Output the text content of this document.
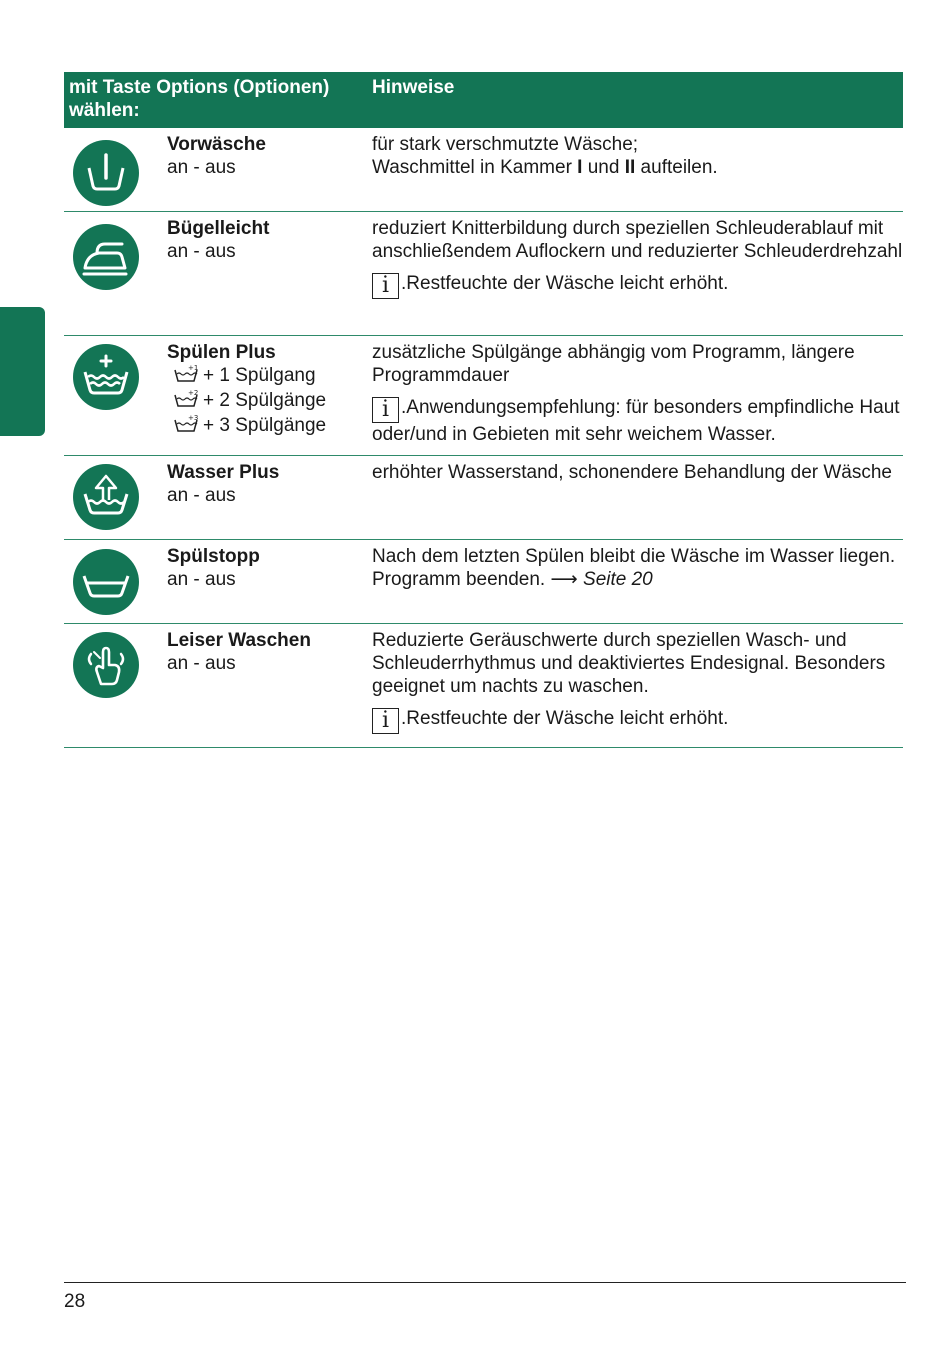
mit Taste Options (Optionen) wählen:
Hinweise
Vorwäsche
an - aus
für stark verschmutzte Wäsche;
Waschmittel in Kammer I und II aufteilen.
Bügelleicht
an - aus
reduziert Knitterbildung durch speziellen Schleuderablauf mit anschließendem Auflockern und reduzierter Schleuderdrehzahl
i .Restfeuchte der Wäsche leicht erhöht.
Spülen Plus
+1 + 1 Spülgang
+2 + 2 Spülgänge
+3 + 3 Spülgänge
zusätzliche Spülgänge abhängig vom Programm, längere Programmdauer
i .Anwendungsempfehlung: für besonders empfindliche Haut oder/und in Gebieten mit sehr weichem Wasser.
Wasser Plus
an - aus
erhöhter Wasserstand, schonendere Behandlung der Wäsche
Spülstopp
an - aus
Nach dem letzten Spülen bleibt die Wäsche im Wasser liegen. Programm beenden. ⟶ Seite 20
Leiser Waschen
an - aus
Reduzierte Geräuschwerte durch speziellen Wasch- und Schleuderrhythmus und deaktiviertes Endesignal. Besonders geeignet um nachts zu waschen.
i .Restfeuchte der Wäsche leicht erhöht.
28
